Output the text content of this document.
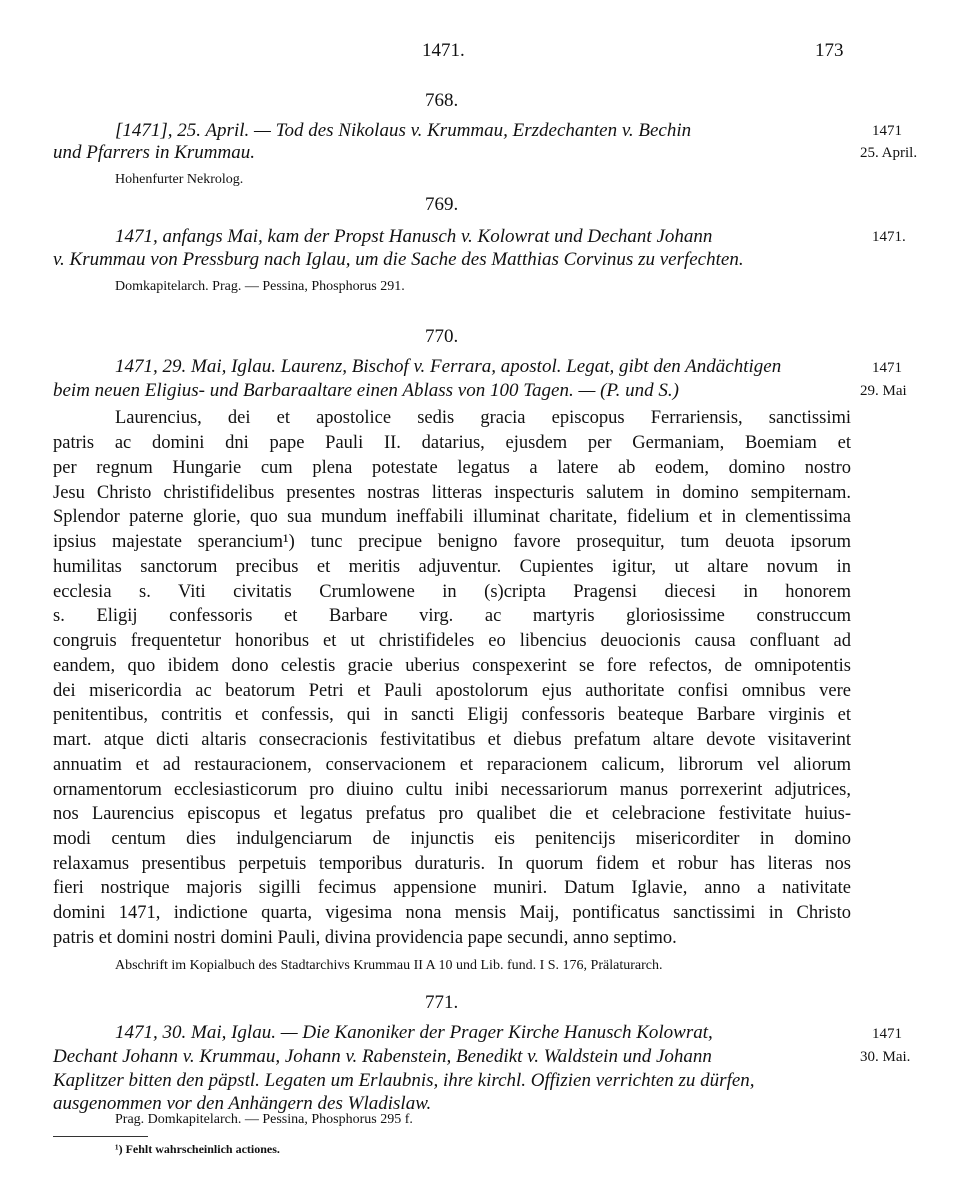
1471.	173
768.
[1471], 25. April. — Tod des Nikolaus v. Krummau, Erzdechanten v. Bechin
und Pfarrers in Krummau.
1471
25. April.
Hohenfurter Nekrolog.
769.
1471, anfangs Mai, kam der Propst Hanusch v. Kolowrat und Dechant Johann
v. Krummau von Pressburg nach Iglau, um die Sache des Matthias Corvinus zu verfechten.
1471.
Domkapitelarch. Prag. — Pessina, Phosphorus 291.
770.
1471, 29. Mai, Iglau. Laurenz, Bischof v. Ferrara, apostol. Legat, gibt den Andächtigen
beim neuen Eligius- und Barbaraaltare einen Ablass von 100 Tagen. — (P. und S.)
1471
29. Mai
Laurencius, dei et apostolice sedis gracia episcopus Ferrariensis, sanctissimi
patris ac domini dni pape Pauli II. datarius, ejusdem per Germaniam, Boemiam et
per regnum Hungarie cum plena potestate legatus a latere ab eodem, domino nostro
Jesu Christo christifidelibus presentes nostras litteras inspecturis salutem in domino sempiternam.
Splendor paterne glorie, quo sua mundum ineffabili illuminat charitate, fidelium et in clementissima
ipsius majestate sperancium¹) tunc precipue benigno favore prosequitur, tum deuota ipsorum
humilitas sanctorum precibus et meritis adjuventur. Cupientes igitur, ut altare novum in
ecclesia s. Viti civitatis Crumlowene in (s)cripta Pragensi diecesi in honorem
s. Eligij confessoris et Barbare virg. ac martyris gloriosissime construccum
congruis frequentetur honoribus et ut christifideles eo libencius deuocionis causa confluant ad
eandem, quo ibidem dono celestis gracie uberius conspexerint se fore refectos, de omnipotentis
dei misericordia ac beatorum Petri et Pauli apostolorum ejus authoritate confisi omnibus vere
penitentibus, contritis et confessis, qui in sancti Eligij confessoris beateque Barbare virginis et
mart. atque dicti altaris consecracionis festivitatibus et diebus prefatum altare devote visitaverint
annuatim et ad restauracionem, conservacionem et reparacionem calicum, librorum vel aliorum
ornamentorum ecclesiasticorum pro diuino cultu inibi necessariorum manus porrexerint adjutrices,
nos Laurencius episcopus et legatus prefatus pro qualibet die et celebracione festivitate huius-
modi centum dies indulgenciarum de injunctis eis penitencijs misericorditer in domino
relaxamus presentibus perpetuis temporibus duraturis. In quorum fidem et robur has literas nos
fieri nostrique majoris sigilli fecimus appensione muniri. Datum Iglavie, anno a nativitate
domini 1471, indictione quarta, vigesima nona mensis Maij, pontificatus sanctissimi in Christo
patris et domini nostri domini Pauli, divina providencia pape secundi, anno septimo.
Abschrift im Kopialbuch des Stadtarchivs Krummau II A 10 und Lib. fund. I S. 176, Prälaturarch.
771.
1471, 30. Mai, Iglau. — Die Kanoniker der Prager Kirche Hanusch Kolowrat,
Dechant Johann v. Krummau, Johann v. Rabenstein, Benedikt v. Waldstein und Johann
Kaplitzer bitten den päpstl. Legaten um Erlaubnis, ihre kirchl. Offizien verrichten zu dürfen,
ausgenommen vor den Anhängern des Wladislaw.
1471
30. Mai.
Prag. Domkapitelarch. — Pessina, Phosphorus 295 f.
¹) Fehlt wahrscheinlich actiones.
